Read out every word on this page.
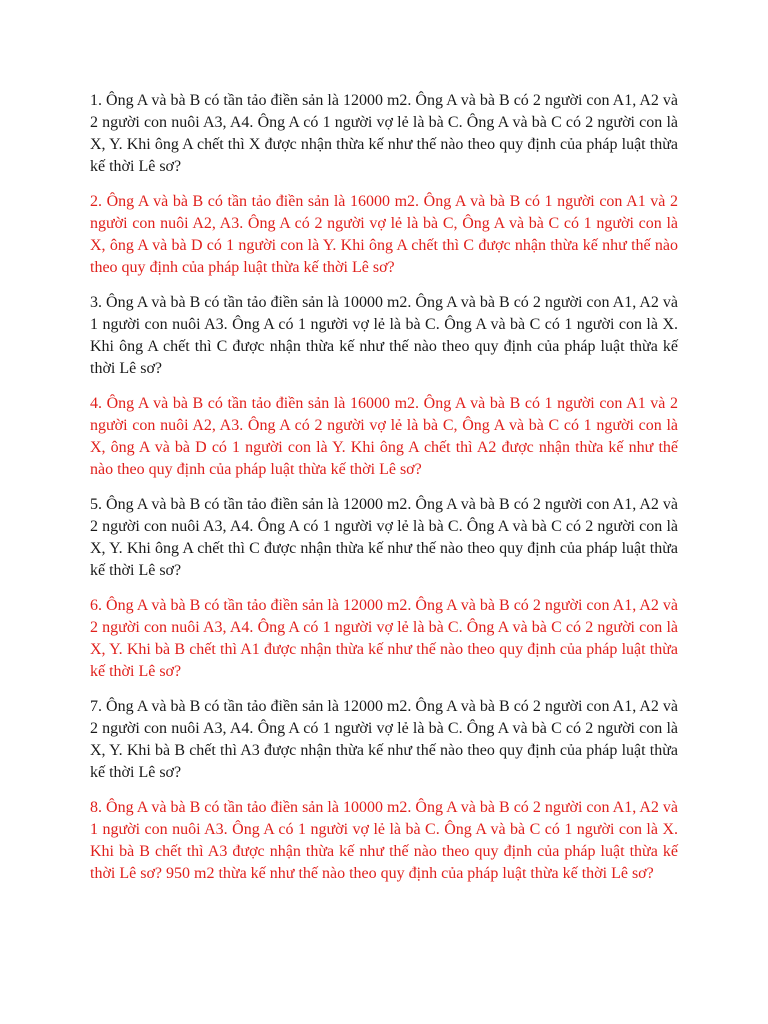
1. Ông A và bà B có tần tảo điền sản là 12000 m2. Ông A và bà B có 2 người con A1, A2 và 2 người con nuôi A3, A4. Ông A có 1 người vợ lẻ là bà C. Ông A và bà C có 2 người con là X, Y. Khi ông A chết thì X được nhận thừa kế như thế nào theo quy định của pháp luật thừa kế thời Lê sơ?

2. Ông A và bà B có tần tảo điền sản là 16000 m2. Ông A và bà B có 1 người con A1 và 2 người con nuôi A2, A3. Ông A có 2 người vợ lẻ là bà C, Ông A và bà C có 1 người con là X, ông A và bà D có 1 người con là Y. Khi ông A chết thì C được nhận thừa kế như thế nào theo quy định của pháp luật thừa kế thời Lê sơ?

3. Ông A và bà B có tần tảo điền sản là 10000 m2. Ông A và bà B có 2 người con A1, A2 và 1 người con nuôi A3. Ông A có 1 người vợ lẻ là bà C. Ông A và bà C có 1 người con là X. Khi ông A chết thì C được nhận thừa kế như thế nào theo quy định của pháp luật thừa kế thời Lê sơ?

4. Ông A và bà B có tần tảo điền sản là 16000 m2. Ông A và bà B có 1 người con A1 và 2 người con nuôi A2, A3. Ông A có 2 người vợ lẻ là bà C, Ông A và bà C có 1 người con là X, ông A và bà D có 1 người con là Y. Khi ông A chết thì A2 được nhận thừa kế như thế nào theo quy định của pháp luật thừa kế thời Lê sơ?

5. Ông A và bà B có tần tảo điền sản là 12000 m2. Ông A và bà B có 2 người con A1, A2 và 2 người con nuôi A3, A4. Ông A có 1 người vợ lẻ là bà C. Ông A và bà C có 2 người con là X, Y. Khi ông A chết thì C được nhận thừa kế như thế nào theo quy định của pháp luật thừa kế thời Lê sơ?

6. Ông A và bà B có tần tảo điền sản là 12000 m2. Ông A và bà B có 2 người con A1, A2 và 2 người con nuôi A3, A4. Ông A có 1 người vợ lẻ là bà C. Ông A và bà C có 2 người con là X, Y. Khi bà B chết thì A1 được nhận thừa kế như thế nào theo quy định của pháp luật thừa kế thời Lê sơ?

7. Ông A và bà B có tần tảo điền sản là 12000 m2. Ông A và bà B có 2 người con A1, A2 và 2 người con nuôi A3, A4. Ông A có 1 người vợ lẻ là bà C. Ông A và bà C có 2 người con là X, Y. Khi bà B chết thì A3 được nhận thừa kế như thế nào theo quy định của pháp luật thừa kế thời Lê sơ?

8. Ông A và bà B có tần tảo điền sản là 10000 m2. Ông A và bà B có 2 người con A1, A2 và 1 người con nuôi A3. Ông A có 1 người vợ lẻ là bà C. Ông A và bà C có 1 người con là X. Khi bà B chết thì A3 được nhận thừa kế như thế nào theo quy định của pháp luật thừa kế thời Lê sơ? 950 m2 thừa kế như thế nào theo quy định của pháp luật thừa kế thời Lê sơ?
